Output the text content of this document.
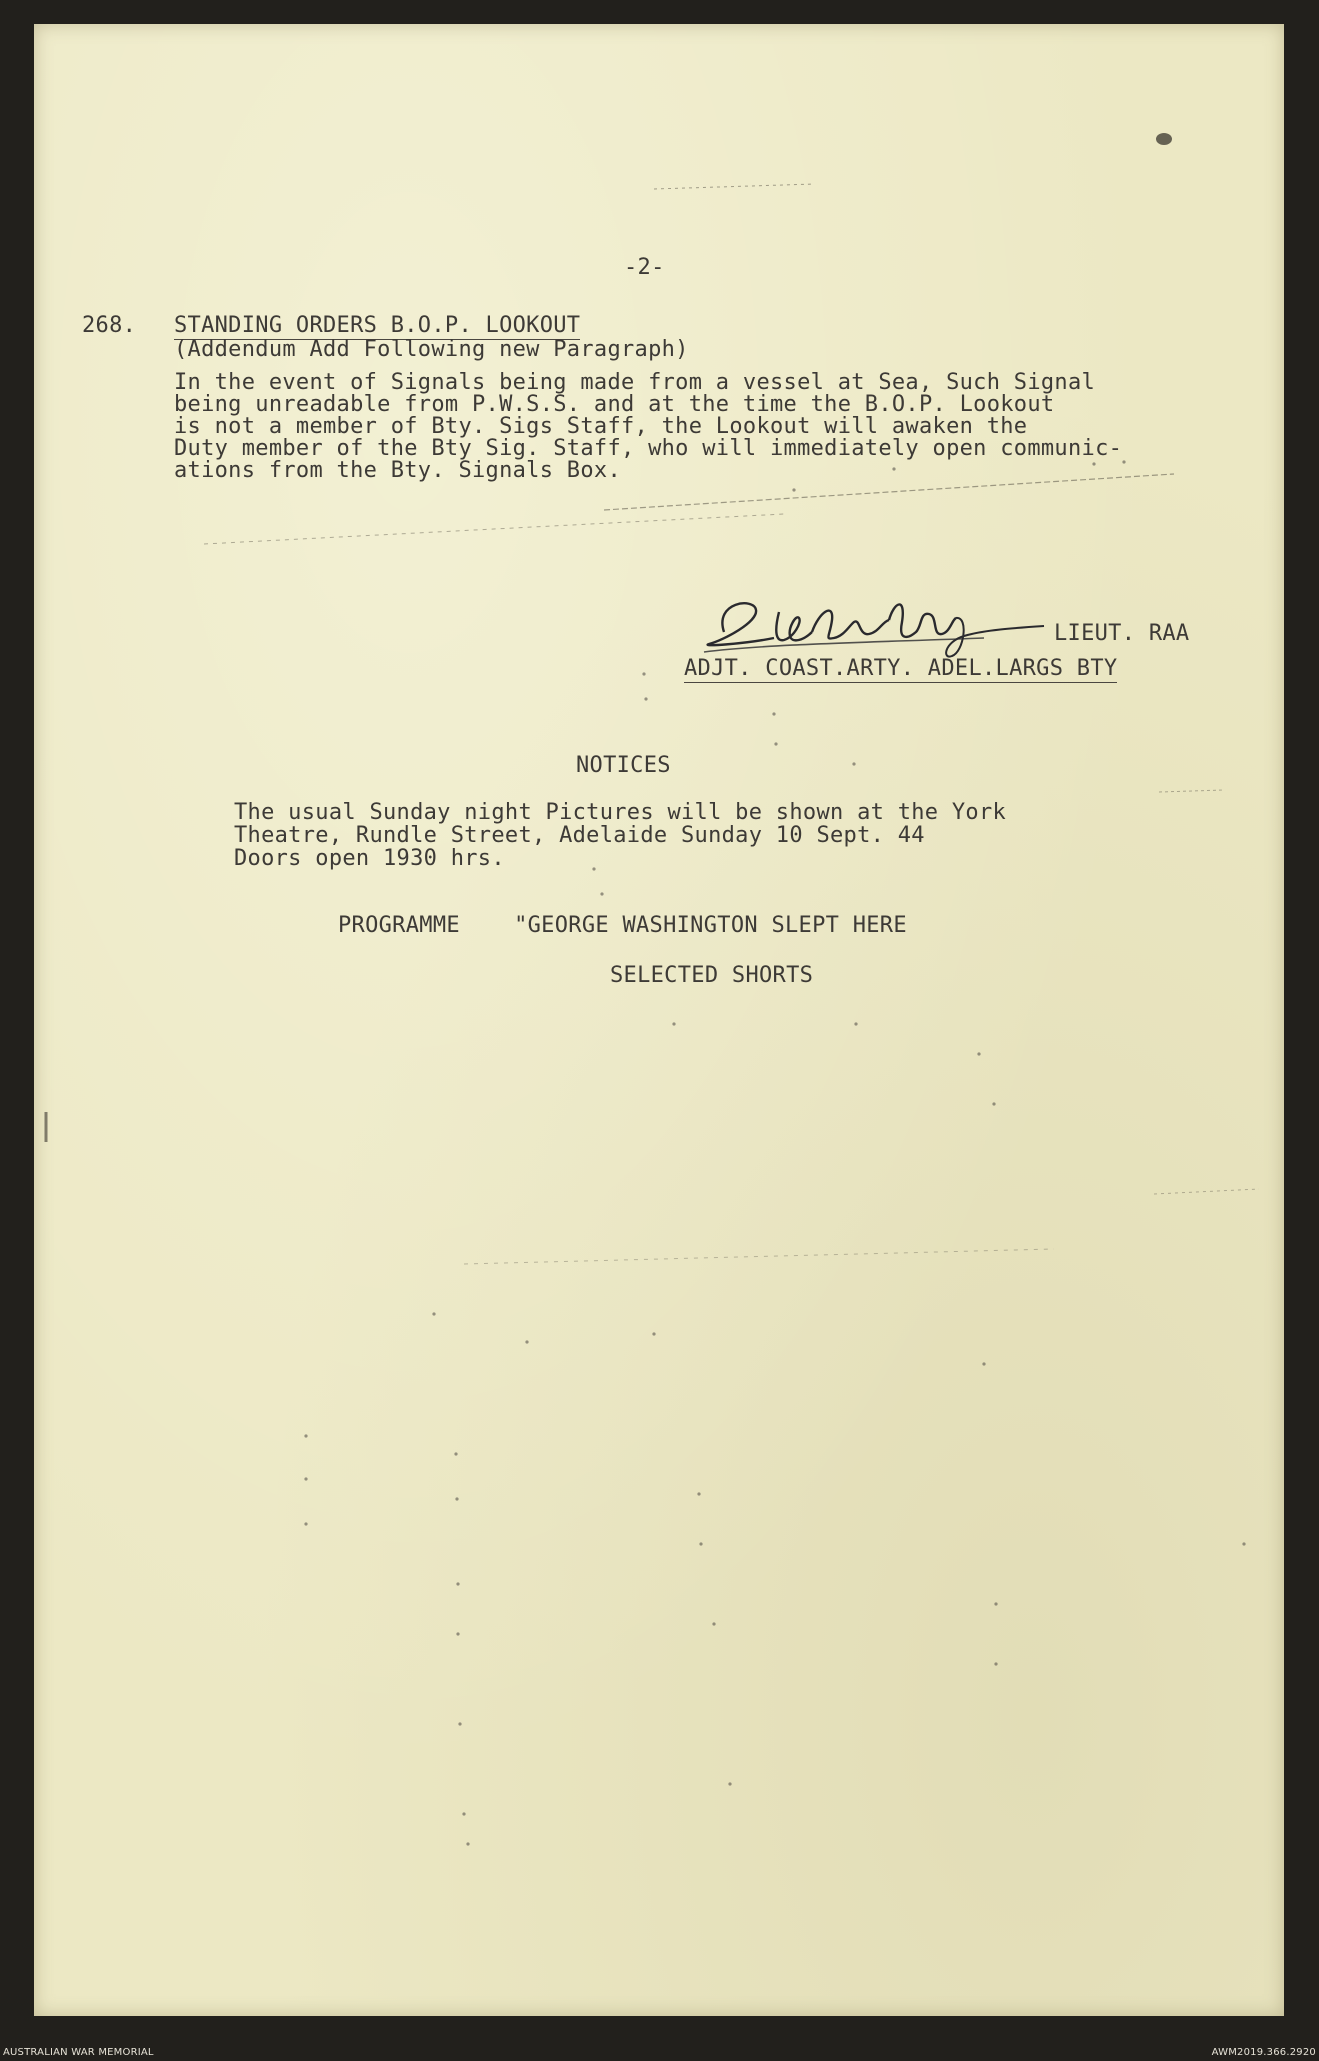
-2-
268. STANDING ORDERS B.O.P. LOOKOUT
(Addendum Add Following new Paragraph)
In the event of Signals being made from a vessel at Sea, Such Signal
being unreadable from P.W.S.S. and at the time the B.O.P. Lookout
is not a member of Bty. Sigs Staff, the Lookout will awaken the
Duty member of the Bty Sig. Staff, who will immediately open communic-
ations from the Bty. Signals Box.
LIEUT. RAA
ADJT. COAST.ARTY. ADEL.LARGS BTY
NOTICES
The usual Sunday night Pictures will be shown at the York
Theatre, Rundle Street, Adelaide Sunday 10 Sept. 44
Doors open 1930 hrs.
PROGRAMME "GEORGE WASHINGTON SLEPT HERE
SELECTED SHORTS
AUSTRALIAN WAR MEMORIAL	AWM2019.366.2920
